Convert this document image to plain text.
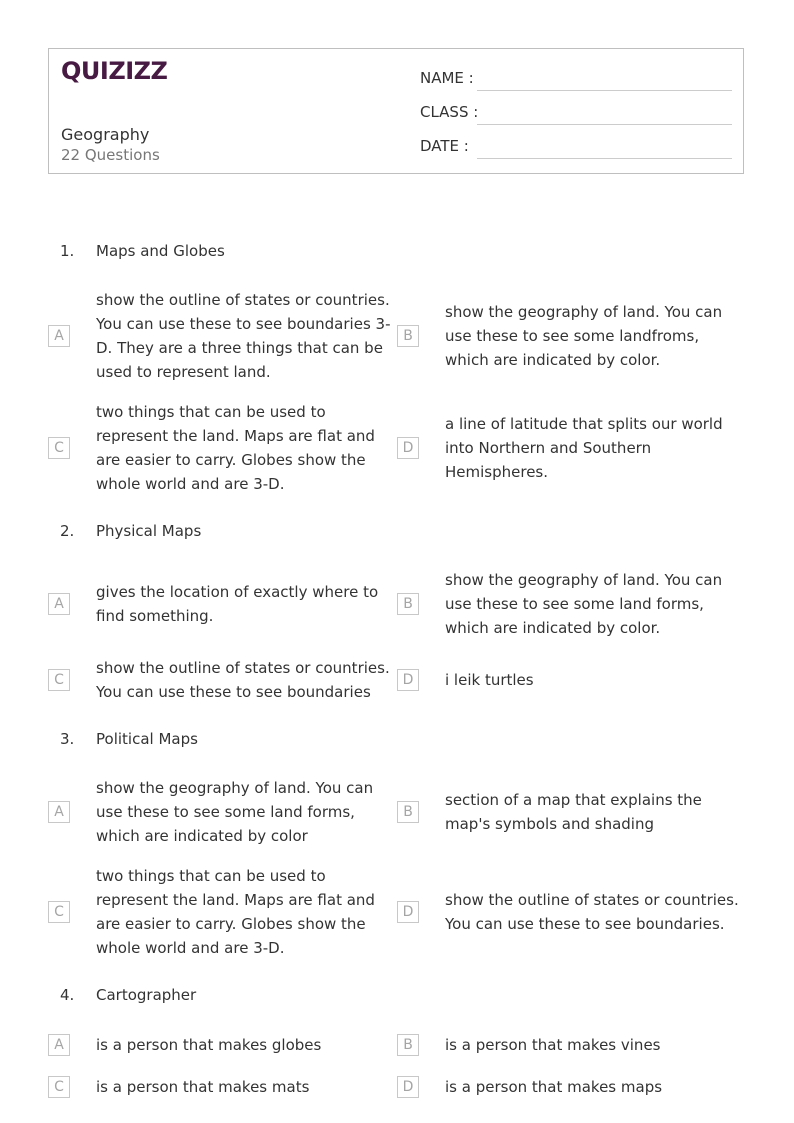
QUIZIZZ
Geography
22 Questions
NAME :
CLASS :
DATE :
1. Maps and Globes
A
show the outline of states or countries. You can use these to see boundaries 3-D. They are a three things that can be used to represent land.
B
show the geography of land. You can use these to see some landfroms, which are indicated by color.
C
two things that can be used to represent the land. Maps are flat and are easier to carry. Globes show the whole world and are 3-D.
D
a line of latitude that splits our world into Northern and Southern Hemispheres.
2. Physical Maps
A
gives the location of exactly where to find something.
B
show the geography of land. You can use these to see some land forms, which are indicated by color.
C
show the outline of states or countries. You can use these to see boundaries
D	i leik turtles
3. Political Maps
A
show the geography of land. You can use these to see some land forms, which are indicated by color
B
section of a map that explains the map's symbols and shading
C
two things that can be used to represent the land. Maps are flat and are easier to carry. Globes show the whole world and are 3-D.
D
show the outline of states or countries. You can use these to see boundaries.
4. Cartographer
A	is a person that makes globes	B	is a person that makes vines
C	is a person that makes mats	D	is a person that makes maps
